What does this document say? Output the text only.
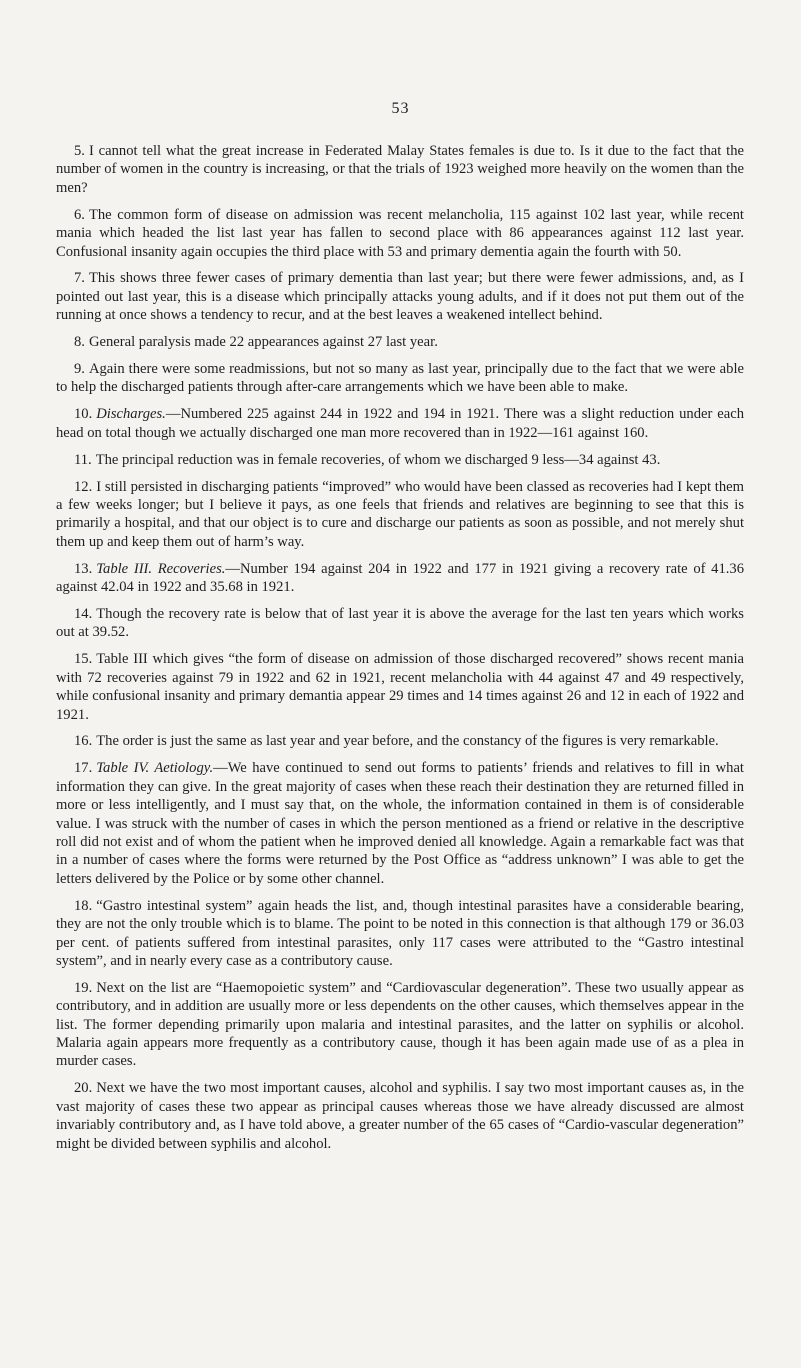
53

5. I cannot tell what the great increase in Federated Malay States females is due to. Is it due to the fact that the number of women in the country is increasing, or that the trials of 1923 weighed more heavily on the women than the men?

6. The common form of disease on admission was recent melancholia, 115 against 102 last year, while recent mania which headed the list last year has fallen to second place with 86 appearances against 112 last year. Confusional insanity again occupies the third place with 53 and primary dementia again the fourth with 50.

7. This shows three fewer cases of primary dementia than last year; but there were fewer admissions, and, as I pointed out last year, this is a disease which principally attacks young adults, and if it does not put them out of the running at once shows a tendency to recur, and at the best leaves a weakened intellect behind.

8. General paralysis made 22 appearances against 27 last year.

9. Again there were some readmissions, but not so many as last year, principally due to the fact that we were able to help the discharged patients through after-care arrangements which we have been able to make.

10. Discharges.—Numbered 225 against 244 in 1922 and 194 in 1921. There was a slight reduction under each head on total though we actually discharged one man more recovered than in 1922—161 against 160.

11. The principal reduction was in female recoveries, of whom we discharged 9 less—34 against 43.

12. I still persisted in discharging patients “improved” who would have been classed as recoveries had I kept them a few weeks longer; but I believe it pays, as one feels that friends and relatives are beginning to see that this is primarily a hospital, and that our object is to cure and discharge our patients as soon as possible, and not merely shut them up and keep them out of harm’s way.

13. Table III. Recoveries.—Number 194 against 204 in 1922 and 177 in 1921 giving a recovery rate of 41.36 against 42.04 in 1922 and 35.68 in 1921.

14. Though the recovery rate is below that of last year it is above the average for the last ten years which works out at 39.52.

15. Table III which gives “the form of disease on admission of those discharged recovered” shows recent mania with 72 recoveries against 79 in 1922 and 62 in 1921, recent melancholia with 44 against 47 and 49 respectively, while confusional insanity and primary demantia appear 29 times and 14 times against 26 and 12 in each of 1922 and 1921.

16. The order is just the same as last year and year before, and the constancy of the figures is very remarkable.

17. Table IV. Aetiology.—We have continued to send out forms to patients’ friends and relatives to fill in what information they can give. In the great majority of cases when these reach their destination they are returned filled in more or less intelligently, and I must say that, on the whole, the information contained in them is of considerable value. I was struck with the number of cases in which the person mentioned as a friend or relative in the descriptive roll did not exist and of whom the patient when he improved denied all knowledge. Again a remarkable fact was that in a number of cases where the forms were returned by the Post Office as “address unknown” I was able to get the letters delivered by the Police or by some other channel.

18. “Gastro intestinal system” again heads the list, and, though intestinal parasites have a considerable bearing, they are not the only trouble which is to blame. The point to be noted in this connection is that although 179 or 36.03 per cent. of patients suffered from intestinal parasites, only 117 cases were attributed to the “Gastro intestinal system”, and in nearly every case as a contributory cause.

19. Next on the list are “Haemopoietic system” and “Cardiovascular degeneration”. These two usually appear as contributory, and in addition are usually more or less dependents on the other causes, which themselves appear in the list. The former depending primarily upon malaria and intestinal parasites, and the latter on syphilis or alcohol. Malaria again appears more frequently as a contributory cause, though it has been again made use of as a plea in murder cases.

20. Next we have the two most important causes, alcohol and syphilis. I say two most important causes as, in the vast majority of cases these two appear as principal causes whereas those we have already discussed are almost invariably contributory and, as I have told above, a greater number of the 65 cases of “Cardio-vascular degeneration” might be divided between syphilis and alcohol.
